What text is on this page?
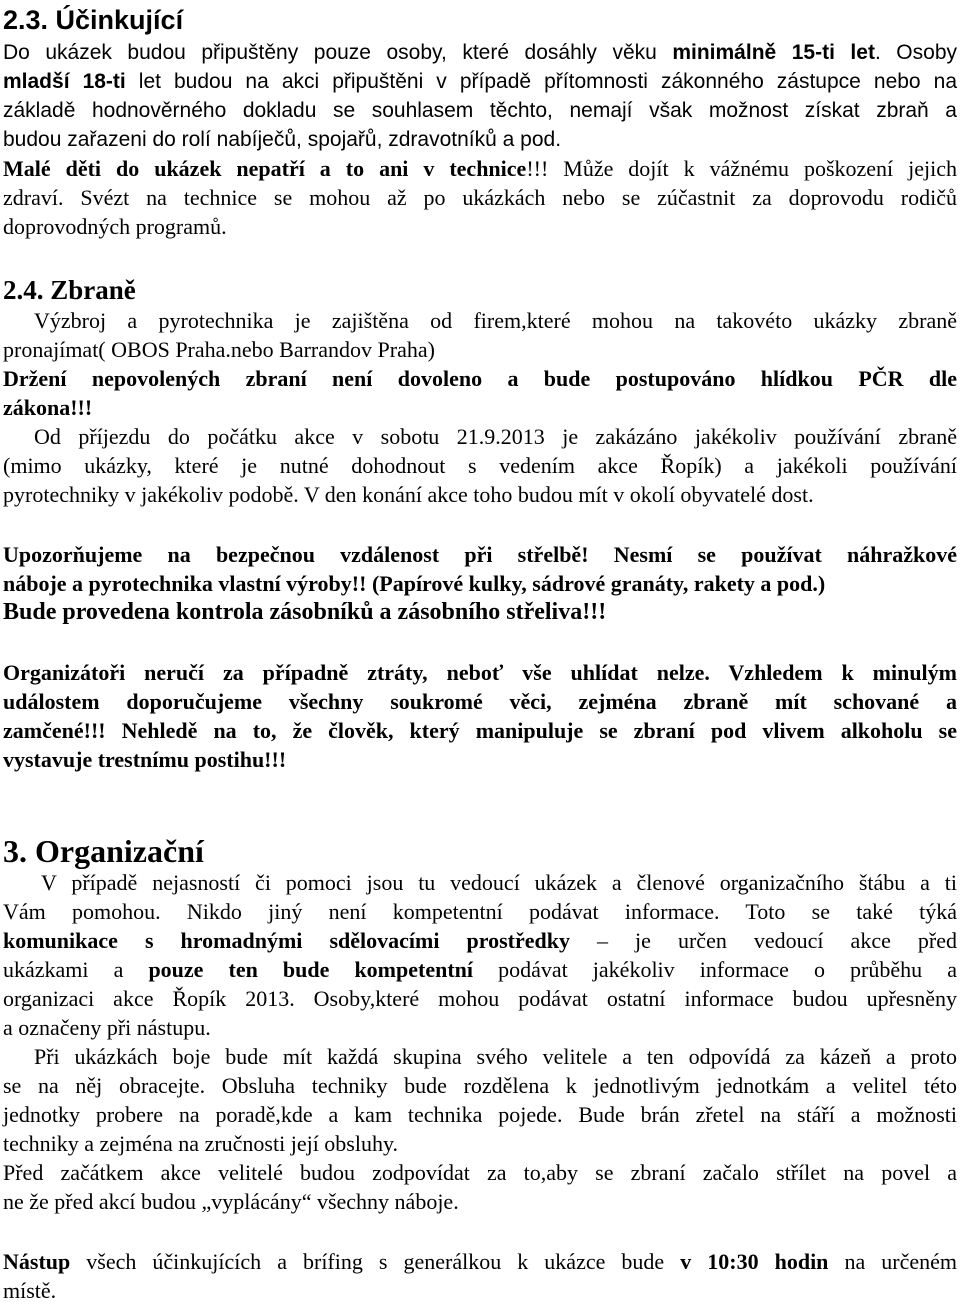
2.3. Účinkující
Do ukázek budou připuštěny pouze osoby, které dosáhly věku minimálně 15-ti let. Osoby
mladší 18-ti let budou na akci připuštěni v případě přítomnosti zákonného zástupce nebo na
základě hodnověrného dokladu se souhlasem těchto, nemají však možnost získat zbraň a
budou zařazeni do rolí nabíječů, spojařů, zdravotníků a pod.
Malé děti do ukázek nepatří a to ani v technice!!! Může dojít k vážnému poškození jejich
zdraví. Svézt na technice se mohou až po ukázkách nebo se zúčastnit za doprovodu rodičů
doprovodných programů.
2.4. Zbraně
Výzbroj a pyrotechnika je zajištěna od firem,které mohou na takovéto ukázky zbraně
pronajímat( OBOS Praha.nebo Barrandov Praha)
Držení nepovolených zbraní není dovoleno a bude postupováno hlídkou PČR dle
zákona!!!
Od příjezdu do počátku akce v sobotu 21.9.2013 je zakázáno jakékoliv používání zbraně
(mimo ukázky, které je nutné dohodnout s vedením akce Řopík) a jakékoli používání
pyrotechniky v jakékoliv podobě. V den konání akce toho budou mít v okolí obyvatelé dost.
Upozorňujeme na bezpečnou vzdálenost při střelbě! Nesmí se používat náhražkové
náboje a pyrotechnika vlastní výroby!! (Papírové kulky, sádrové granáty, rakety a pod.)
Bude provedena kontrola zásobníků a zásobního střeliva!!!
Organizátoři neručí za případně ztráty, neboť vše uhlídat nelze. Vzhledem k minulým
událostem doporučujeme všechny soukromé věci, zejména zbraně mít schované a
zamčené!!! Nehledě na to, že člověk, který manipuluje se zbraní pod vlivem alkoholu se
vystavuje trestnímu postihu!!!
3. Organizační
V případě nejasností či pomoci jsou tu vedoucí ukázek a členové organizačního štábu a ti
Vám pomohou. Nikdo jiný není kompetentní podávat informace. Toto se také týká
komunikace s hromadnými sdělovacími prostředky – je určen vedoucí akce před
ukázkami a pouze ten bude kompetentní podávat jakékoliv informace o průběhu a
organizaci akce Řopík 2013. Osoby,které mohou podávat ostatní informace budou upřesněny
a označeny při nástupu.
Při ukázkách boje bude mít každá skupina svého velitele a ten odpovídá za kázeň a proto
se na něj obracejte. Obsluha techniky bude rozdělena k jednotlivým jednotkám a velitel této
jednotky probere na poradě,kde a kam technika pojede. Bude brán zřetel na stáří a možnosti
techniky a zejména na zručnosti její obsluhy.
Před začátkem akce velitelé budou zodpovídat za to,aby se zbraní začalo střílet na povel a
ne že před akcí budou „vyplácány“ všechny náboje.
Nástup všech účinkujících a brífing s generálkou k ukázce bude v 10:30 hodin na určeném
místě.
